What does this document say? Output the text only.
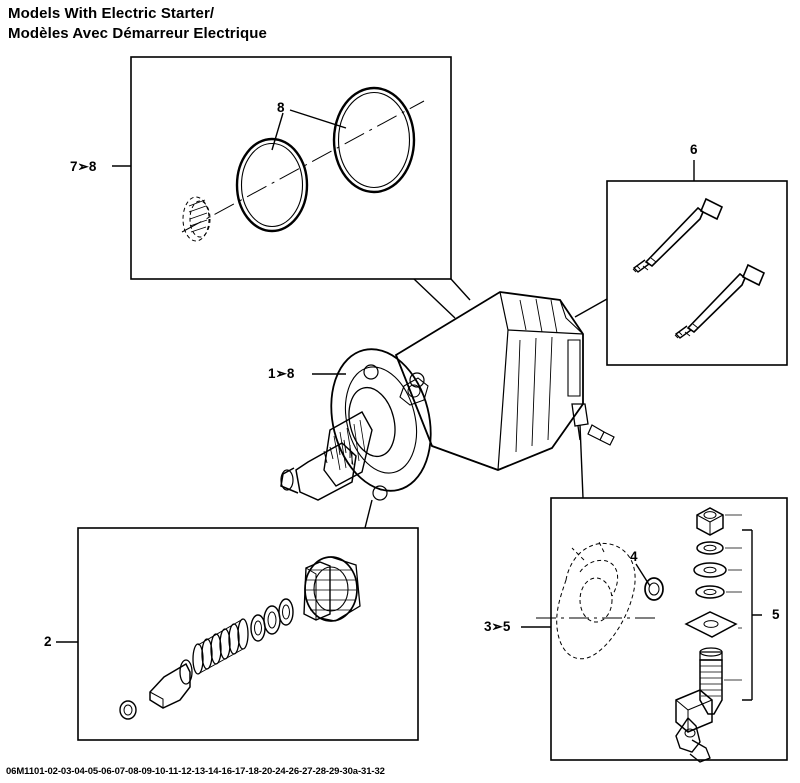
Models With Electric Starter/
Modèles Avec Démarreur Electrique
7➢8
8
6
1➢8
2
3➢5
4
5
06M1101-02-03-04-05-06-07-08-09-10-11-12-13-14-16-17-18-20-24-26-27-28-29-30a-31-32
